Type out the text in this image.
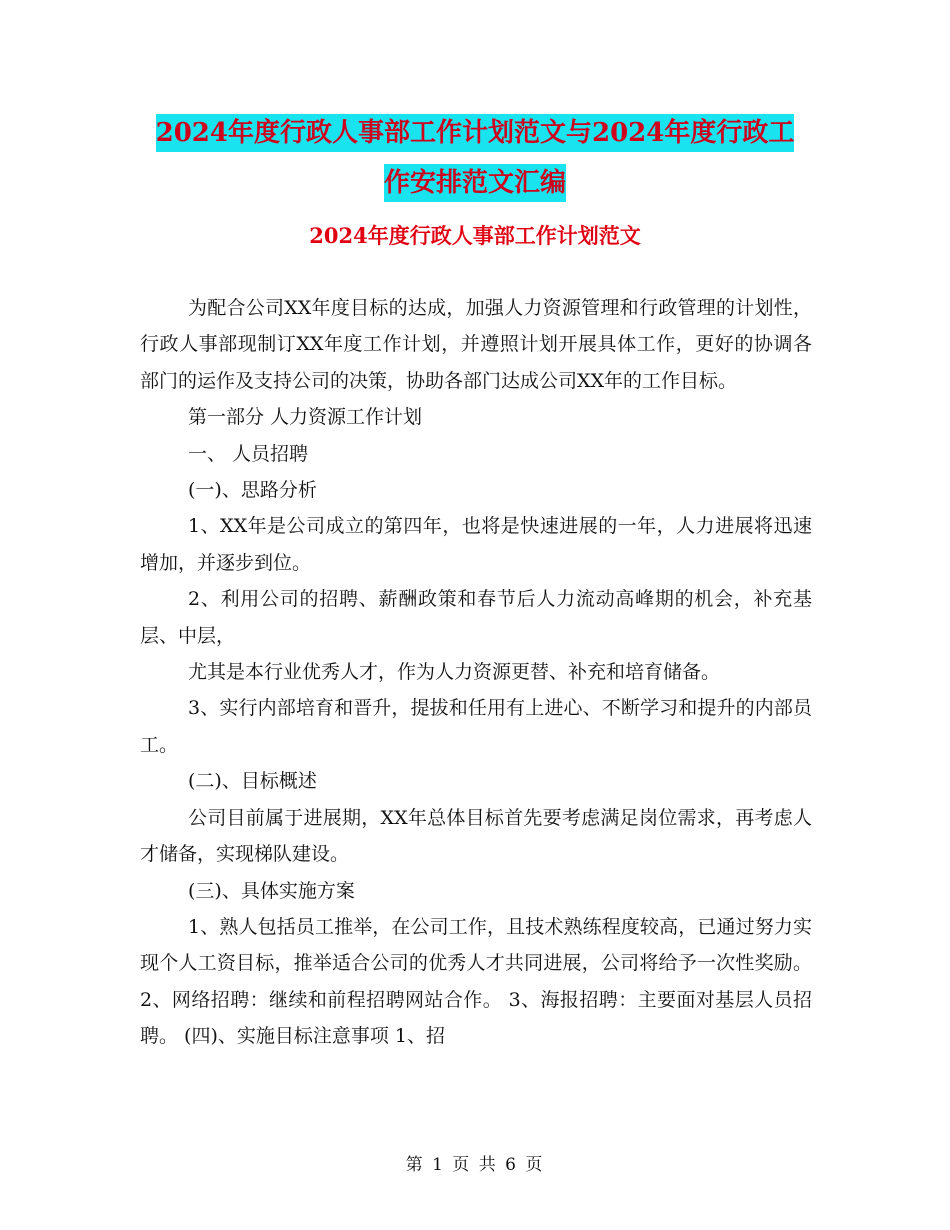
2024年度行政人事部工作计划范文与2024年度行政工
作安排范文汇编
2024年度行政人事部工作计划范文

为配合公司XX年度目标的达成，加强人力资源管理和行政管理的计划性，行政人事部现制订XX年度工作计划，并遵照计划开展具体工作，更好的协调各部门的运作及支持公司的决策，协助各部门达成公司XX年的工作目标。

第一部分 人力资源工作计划

一、 人员招聘

(一)、思路分析

1、XX年是公司成立的第四年，也将是快速进展的一年，人力进展将迅速增加，并逐步到位。

2、利用公司的招聘、薪酬政策和春节后人力流动高峰期的机会，补充基层、中层，

尤其是本行业优秀人才，作为人力资源更替、补充和培育储备。

3、实行内部培育和晋升，提拔和任用有上进心、不断学习和提升的内部员工。

(二)、目标概述

公司目前属于进展期，XX年总体目标首先要考虑满足岗位需求，再考虑人才储备，实现梯队建设。

(三)、具体实施方案

1、熟人包括员工推举，在公司工作，且技术熟练程度较高，已通过努力实现个人工资目标，推举适合公司的优秀人才共同进展，公司将给予一次性奖励。 2、网络招聘：继续和前程招聘网站合作。 3、海报招聘：主要面对基层人员招聘。 (四)、实施目标注意事项 1、招

第 1 页 共 6 页
